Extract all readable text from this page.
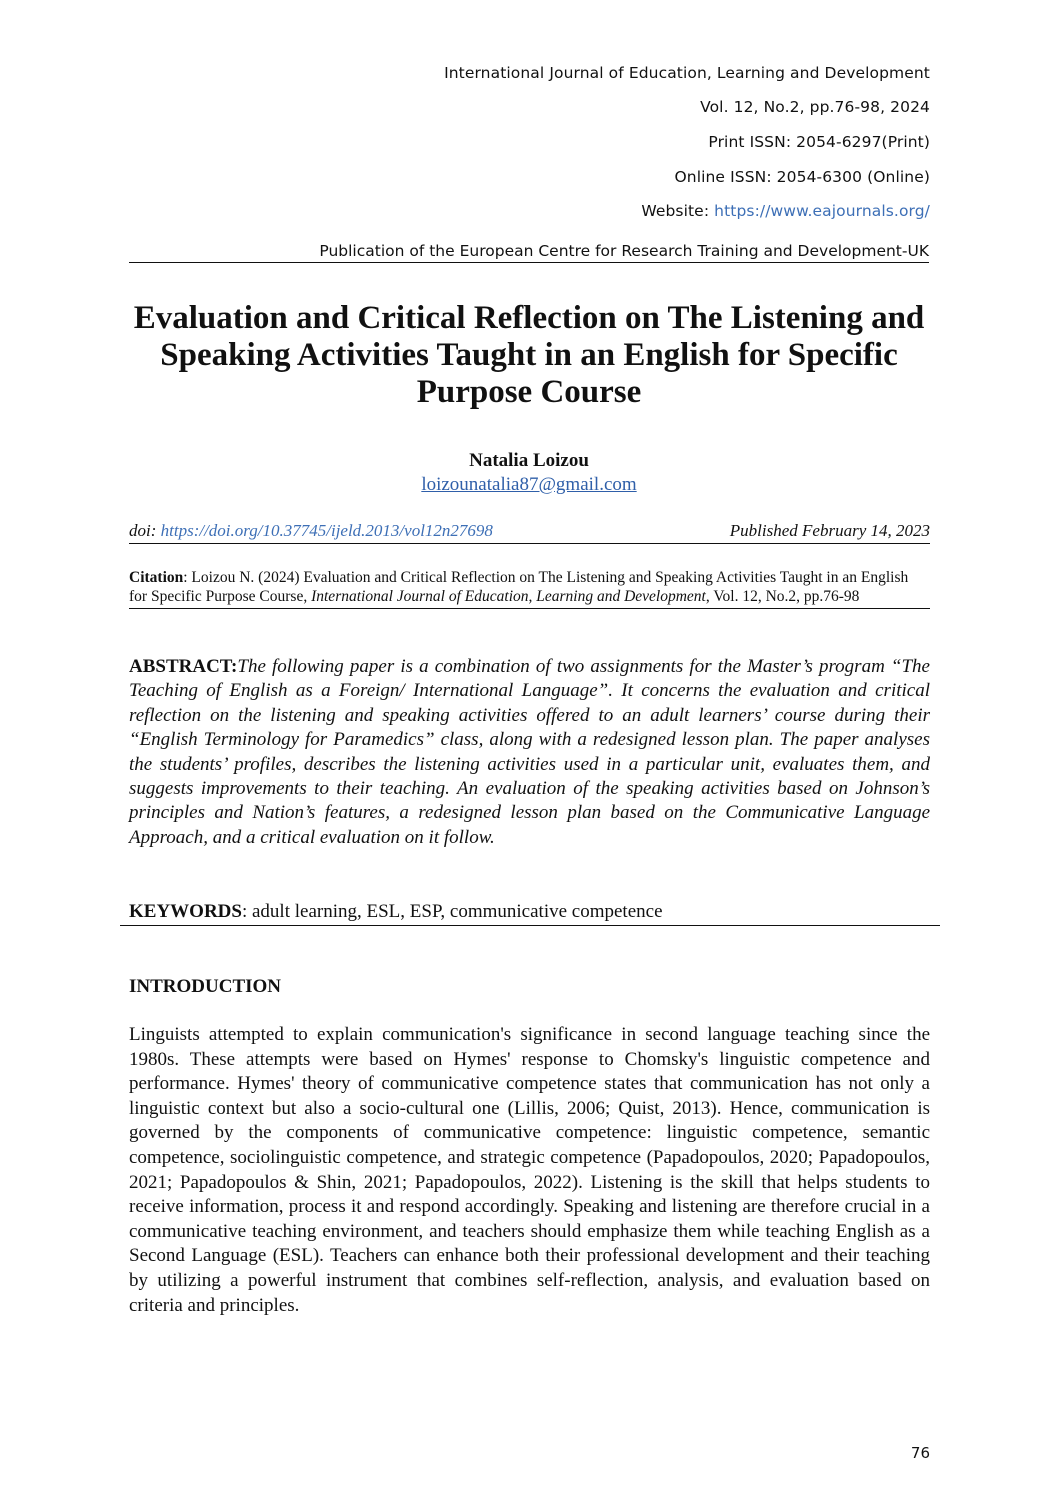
International Journal of Education, Learning and Development
Vol. 12, No.2, pp.76-98, 2024
Print ISSN: 2054-6297(Print)
Online ISSN: 2054-6300 (Online)
Website: https://www.eajournals.org/
Publication of the European Centre for Research Training and Development-UK
Evaluation and Critical Reflection on The Listening and Speaking Activities Taught in an English for Specific Purpose Course
Natalia Loizou
loizounatalia87@gmail.com
doi: https://doi.org/10.37745/ijeld.2013/vol12n27698	Published February 14, 2023
Citation: Loizou N. (2024) Evaluation and Critical Reflection on The Listening and Speaking Activities Taught in an English for Specific Purpose Course, International Journal of Education, Learning and Development, Vol. 12, No.2, pp.76-98
ABSTRACT:The following paper is a combination of two assignments for the Master’s program “The Teaching of English as a Foreign/ International Language”. It concerns the evaluation and critical reflection on the listening and speaking activities offered to an adult learners’ course during their “English Terminology for Paramedics” class, along with a redesigned lesson plan. The paper analyses the students’ profiles, describes the listening activities used in a particular unit, evaluates them, and suggests improvements to their teaching. An evaluation of the speaking activities based on Johnson’s principles and Nation’s features, a redesigned lesson plan based on the Communicative Language Approach, and a critical evaluation on it follow.
KEYWORDS: adult learning, ESL, ESP, communicative competence
INTRODUCTION
Linguists attempted to explain communication's significance in second language teaching since the 1980s. These attempts were based on Hymes' response to Chomsky's linguistic competence and performance. Hymes' theory of communicative competence states that communication has not only a linguistic context but also a socio-cultural one (Lillis, 2006; Quist, 2013). Hence, communication is governed by the components of communicative competence: linguistic competence, semantic competence, sociolinguistic competence, and strategic competence (Papadopoulos, 2020; Papadopoulos, 2021; Papadopoulos & Shin, 2021; Papadopoulos, 2022). Listening is the skill that helps students to receive information, process it and respond accordingly. Speaking and listening are therefore crucial in a communicative teaching environment, and teachers should emphasize them while teaching English as a Second Language (ESL). Teachers can enhance both their professional development and their teaching by utilizing a powerful instrument that combines self-reflection, analysis, and evaluation based on criteria and principles.
76
